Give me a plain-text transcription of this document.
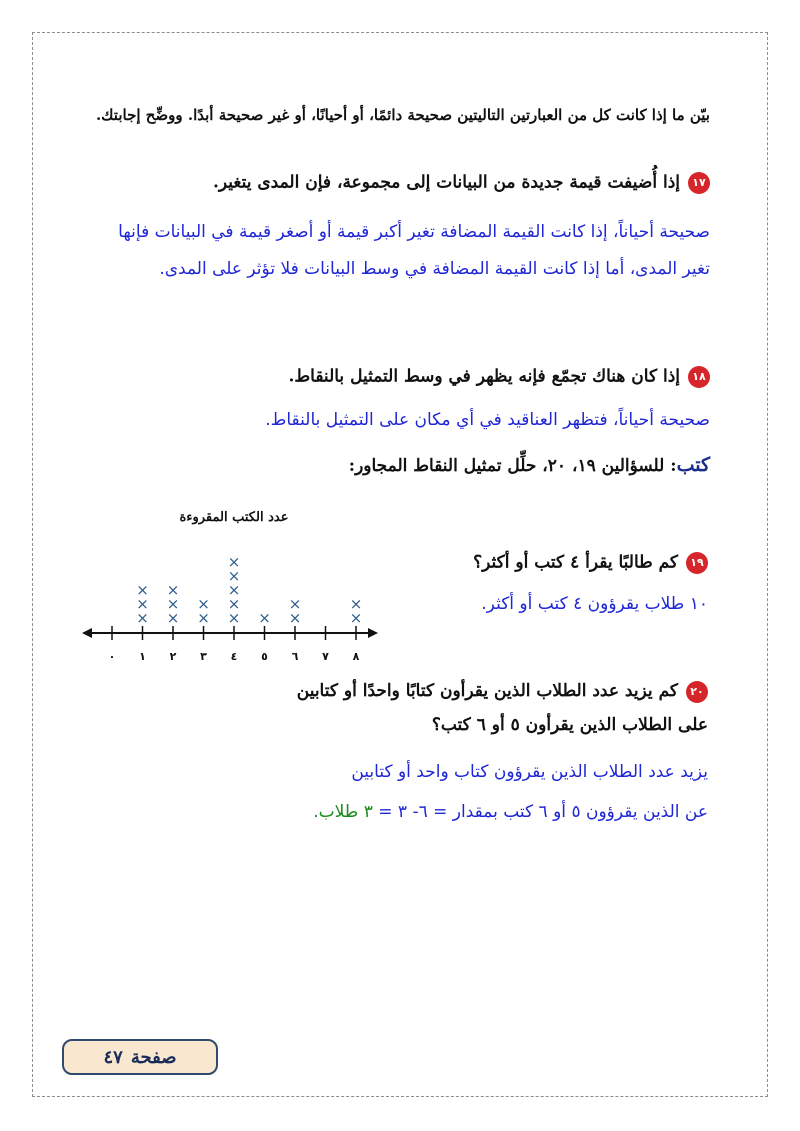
بيّن ما إذا كانت كل من العبارتين التاليتين صحيحة دائمًا، أو أحيانًا، أو غير صحيحة أبدًا. ووضِّح إجابتك.
١٧إذا أُضيفت قيمة جديدة من البيانات إلى مجموعة، فإن المدى يتغير.
صحيحة أحياناً، إذا كانت القيمة المضافة تغير أكبر قيمة أو أصغر قيمة في البيانات فإنها تغير المدى، أما إذا كانت القيمة المضافة في وسط البيانات فلا تؤثر على المدى.
١٨إذا كان هناك تجمّع فإنه يظهر في وسط التمثيل بالنقاط.
صحيحة أحياناً، فتظهر العناقيد في أي مكان على التمثيل بالنقاط.
كتب: للسؤالين ١٩، ٢٠، حلِّل تمثيل النقاط المجاور:
عدد الكتب المقروءة
٠ ١
×
×
×
٢
×
×
×
٣
×
×
٤
×
×
×
×
×
٥
×
٦
×
×
٧ ٨
×
×
١٩كم طالبًا يقرأ ٤ كتب أو أكثر؟
١٠ طلاب يقرؤون ٤ كتب أو أكثر.
٢٠كم يزيد عدد الطلاب الذين يقرأون كتابًا واحدًا أو كتابين على الطلاب الذين يقرأون ٥ أو ٦ كتب؟
يزيد عدد الطلاب الذين يقرؤون كتاب واحد أو كتابين
عن الذين يقرؤون ٥ أو ٦ كتب بمقدار = ٦- ٣ = ٣ طلاب.
صفحة
٤٧
